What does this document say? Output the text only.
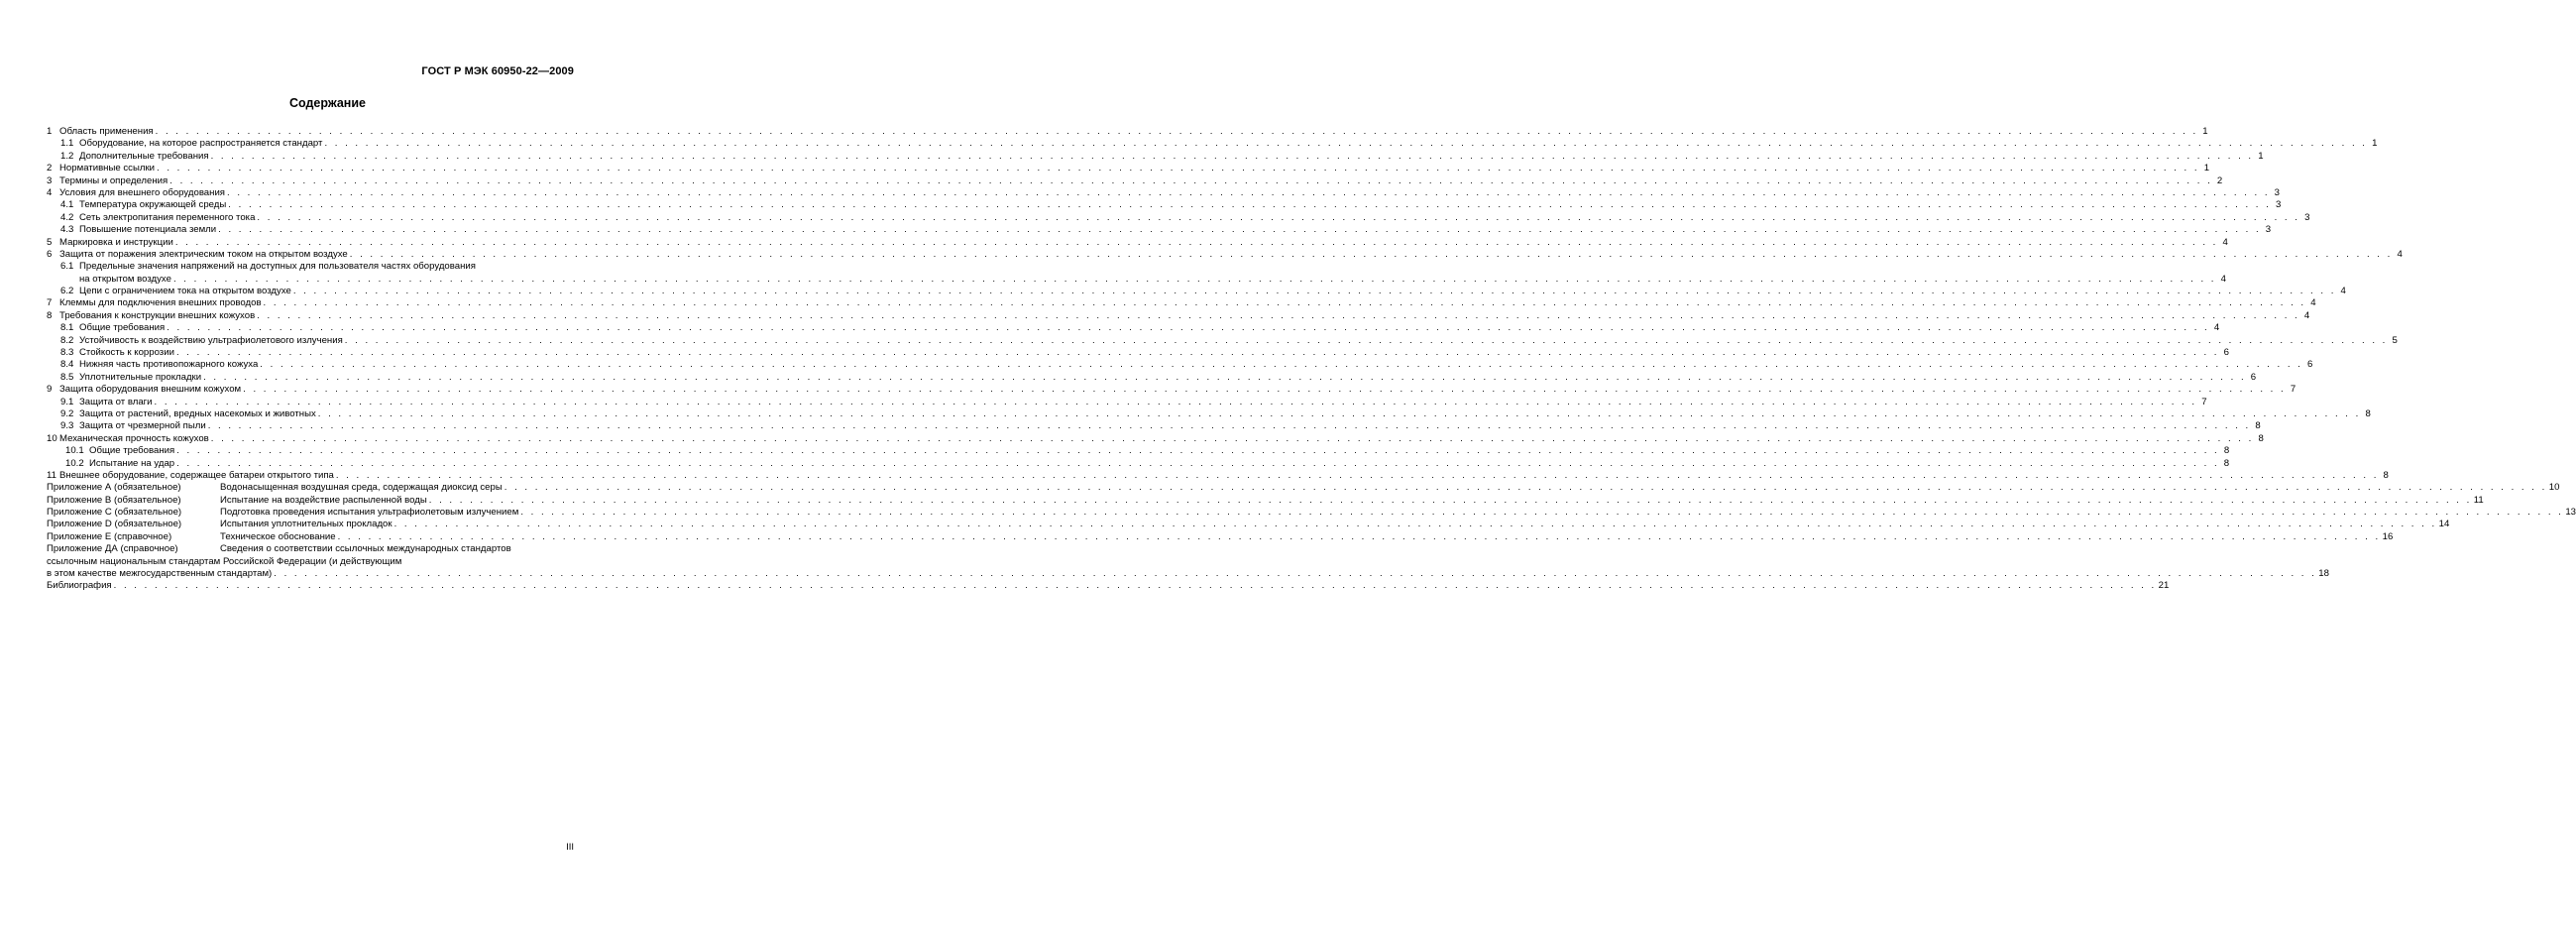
ГОСТ Р МЭК 60950-22—2009
Содержание
1 Область применения . . . . . . . . . . . . . . . . . . . . . . . . . . . . . . . . . . . . . . . . . . . . . . . . . . . . . . . . . . . . . . . . . . . . . . . . . . . . . . . . . . . . . . . . . . . . . . . . . . . . . . . . . . . . . . . . . . . . . . . . . . . . . . . . . . . . . . . . . . . . . . . . . . . . . . . . . . . . . . . . . . . . . . . . . . . . . . . . . . . . . . . . . . . . . . . . . . . . . . . . 1
1.1 Оборудование, на которое распространяется стандарт . . . . . . . . . . . . . . . . . . . . . . . . . . . . . . . . . . . . . . . . . . . . . . . . . . . . . . . . . . . . . . . . . . . . . . . . . . . . . . . . . . . . . . . . . . . . . . . . . . . . . . . . . . . . . . . . . . . . . . . . . . . . . . . . . . . . . . . . . . . . . . . . . . . . . . . . . . . . . . . . . . . . . . . . . . . . . . . . . . . . . . . . . . . . . . . . . . . . . . . . 1
1.2 Дополнительные требования . . . . . . . . . . . . . . . . . . . . . . . . . . . . . . . . . . . . . . . . . . . . . . . . . . . . . . . . . . . . . . . . . . . . . . . . . . . . . . . . . . . . . . . . . . . . . . . . . . . . . . . . . . . . . . . . . . . . . . . . . . . . . . . . . . . . . . . . . . . . . . . . . . . . . . . . . . . . . . . . . . . . . . . . . . . . . . . . . . . . . . . . . . . . . . . . . . . . . . . . 1
2 Нормативные ссылки . . . . . . . . . . . . . . . . . . . . . . . . . . . . . . . . . . . . . . . . . . . . . . . . . . . . . . . . . . . . . . . . . . . . . . . . . . . . . . . . . . . . . . . . . . . . . . . . . . . . . . . . . . . . . . . . . . . . . . . . . . . . . . . . . . . . . . . . . . . . . . . . . . . . . . . . . . . . . . . . . . . . . . . . . . . . . . . . . . . . . . . . . . . . . . . . . . . . . . . . 1
3 Термины и определения . . . . . . . . . . . . . . . . . . . . . . . . . . . . . . . . . . . . . . . . . . . . . . . . . . . . . . . . . . . . . . . . . . . . . . . . . . . . . . . . . . . . . . . . . . . . . . . . . . . . . . . . . . . . . . . . . . . . . . . . . . . . . . . . . . . . . . . . . . . . . . . . . . . . . . . . . . . . . . . . . . . . . . . . . . . . . . . . . . . . . . . . . . . . . . . . . . . . . . . . 2
4 Условия для внешнего оборудования . . . . . . . . . . . . . . . . . . . . . . . . . . . . . . . . . . . . . . . . . . . . . . . . . . . . . . . . . . . . . . . . . . . . . . . . . . . . . . . . . . . . . . . . . . . . . . . . . . . . . . . . . . . . . . . . . . . . . . . . . . . . . . . . . . . . . . . . . . . . . . . . . . . . . . . . . . . . . . . . . . . . . . . . . . . . . . . . . . . . . . . . . . . . . . . . . . . . . . . . 3
4.1 Температура окружающей среды . . . . . . . . . . . . . . . . . . . . . . . . . . . . . . . . . . . . . . . . . . . . . . . . . . . . . . . . . . . . . . . . . . . . . . . . . . . . . . . . . . . . . . . . . . . . . . . . . . . . . . . . . . . . . . . . . . . . . . . . . . . . . . . . . . . . . . . . . . . . . . . . . . . . . . . . . . . . . . . . . . . . . . . . . . . . . . . . . . . . . . . . . . . . . . . . . . . . . . . . 3
4.2 Сеть электропитания переменного тока . . . . . . . . . . . . . . . . . . . . . . . . . . . . . . . . . . . . . . . . . . . . . . . . . . . . . . . . . . . . . . . . . . . . . . . . . . . . . . . . . . . . . . . . . . . . . . . . . . . . . . . . . . . . . . . . . . . . . . . . . . . . . . . . . . . . . . . . . . . . . . . . . . . . . . . . . . . . . . . . . . . . . . . . . . . . . . . . . . . . . . . . . . . . . . . . . . . . . . . . 3
4.3 Повышение потенциала земли . . . . . . . . . . . . . . . . . . . . . . . . . . . . . . . . . . . . . . . . . . . . . . . . . . . . . . . . . . . . . . . . . . . . . . . . . . . . . . . . . . . . . . . . . . . . . . . . . . . . . . . . . . . . . . . . . . . . . . . . . . . . . . . . . . . . . . . . . . . . . . . . . . . . . . . . . . . . . . . . . . . . . . . . . . . . . . . . . . . . . . . . . . . . . . . . . . . . . . . . 3
5 Маркировка и инструкции . . . . . . . . . . . . . . . . . . . . . . . . . . . . . . . . . . . . . . . . . . . . . . . . . . . . . . . . . . . . . . . . . . . . . . . . . . . . . . . . . . . . . . . . . . . . . . . . . . . . . . . . . . . . . . . . . . . . . . . . . . . . . . . . . . . . . . . . . . . . . . . . . . . . . . . . . . . . . . . . . . . . . . . . . . . . . . . . . . . . . . . . . . . . . . . . . . . . . . . . 4
6 Защита от поражения электрическим током на открытом воздухе . . . . . . . . . . . . . . . . . . . . . . . . . . . . . . . . . . . . . . . . . . . . . . . . . . . . . . . . . . . . . . . . . . . . . . . . . . . . . . . . . . . . . . . . . . . . . . . . . . . . . . . . . . . . . . . . . . . . . . . . . . . . . . . . . . . . . . . . . . . . . . . . . . . . . . . . . . . . . . . . . . . . . . . . . . . . . . . . . . . . . . . . . . . . . . . . . . . . . . . . 4
6.1 Предельные значения напряжений на доступных для пользователя частях оборудования
на открытом воздухе . . . . . . . . . . . . . . . . . . . . . . . . . . . . . . . . . . . . . . . . . . . . . . . . . . . . . . . . . . . . . . . . . . . . . . . . . . . . . . . . . . . . . . . . . . . . . . . . . . . . . . . . . . . . . . . . . . . . . . . . . . . . . . . . . . . . . . . . . . . . . . . . . . . . . . . . . . . . . . . . . . . . . . . . . . . . . . . . . . . . . . . . . . . . . . . . . . . . . . . . 4
6.2 Цепи с ограничением тока на открытом воздухе . . . . . . . . . . . . . . . . . . . . . . . . . . . . . . . . . . . . . . . . . . . . . . . . . . . . . . . . . . . . . . . . . . . . . . . . . . . . . . . . . . . . . . . . . . . . . . . . . . . . . . . . . . . . . . . . . . . . . . . . . . . . . . . . . . . . . . . . . . . . . . . . . . . . . . . . . . . . . . . . . . . . . . . . . . . . . . . . . . . . . . . . . . . . . . . . . . . . . . . . 4
7 Клеммы для подключения внешних проводов . . . . . . . . . . . . . . . . . . . . . . . . . . . . . . . . . . . . . . . . . . . . . . . . . . . . . . . . . . . . . . . . . . . . . . . . . . . . . . . . . . . . . . . . . . . . . . . . . . . . . . . . . . . . . . . . . . . . . . . . . . . . . . . . . . . . . . . . . . . . . . . . . . . . . . . . . . . . . . . . . . . . . . . . . . . . . . . . . . . . . . . . . . . . . . . . . . . . . . . . 4
8 Требования к конструкции внешних кожухов . . . . . . . . . . . . . . . . . . . . . . . . . . . . . . . . . . . . . . . . . . . . . . . . . . . . . . . . . . . . . . . . . . . . . . . . . . . . . . . . . . . . . . . . . . . . . . . . . . . . . . . . . . . . . . . . . . . . . . . . . . . . . . . . . . . . . . . . . . . . . . . . . . . . . . . . . . . . . . . . . . . . . . . . . . . . . . . . . . . . . . . . . . . . . . . . . . . . . . . . 4
8.1 Общие требования . . . . . . . . . . . . . . . . . . . . . . . . . . . . . . . . . . . . . . . . . . . . . . . . . . . . . . . . . . . . . . . . . . . . . . . . . . . . . . . . . . . . . . . . . . . . . . . . . . . . . . . . . . . . . . . . . . . . . . . . . . . . . . . . . . . . . . . . . . . . . . . . . . . . . . . . . . . . . . . . . . . . . . . . . . . . . . . . . . . . . . . . . . . . . . . . . . . . . . . . 4
8.2 Устойчивость к воздействию ультрафиолетового излучения . . . . . . . . . . . . . . . . . . . . . . . . . . . . . . . . . . . . . . . . . . . . . . . . . . . . . . . . . . . . . . . . . . . . . . . . . . . . . . . . . . . . . . . . . . . . . . . . . . . . . . . . . . . . . . . . . . . . . . . . . . . . . . . . . . . . . . . . . . . . . . . . . . . . . . . . . . . . . . . . . . . . . . . . . . . . . . . . . . . . . . . . . . . . . . . . . . . . . . . . 5
8.3 Стойкость к коррозии . . . . . . . . . . . . . . . . . . . . . . . . . . . . . . . . . . . . . . . . . . . . . . . . . . . . . . . . . . . . . . . . . . . . . . . . . . . . . . . . . . . . . . . . . . . . . . . . . . . . . . . . . . . . . . . . . . . . . . . . . . . . . . . . . . . . . . . . . . . . . . . . . . . . . . . . . . . . . . . . . . . . . . . . . . . . . . . . . . . . . . . . . . . . . . . . . . . . . . . . 6
8.4 Нижняя часть противопожарного кожуха . . . . . . . . . . . . . . . . . . . . . . . . . . . . . . . . . . . . . . . . . . . . . . . . . . . . . . . . . . . . . . . . . . . . . . . . . . . . . . . . . . . . . . . . . . . . . . . . . . . . . . . . . . . . . . . . . . . . . . . . . . . . . . . . . . . . . . . . . . . . . . . . . . . . . . . . . . . . . . . . . . . . . . . . . . . . . . . . . . . . . . . . . . . . . . . . . . . . . . . . 6
8.5 Уплотнительные прокладки . . . . . . . . . . . . . . . . . . . . . . . . . . . . . . . . . . . . . . . . . . . . . . . . . . . . . . . . . . . . . . . . . . . . . . . . . . . . . . . . . . . . . . . . . . . . . . . . . . . . . . . . . . . . . . . . . . . . . . . . . . . . . . . . . . . . . . . . . . . . . . . . . . . . . . . . . . . . . . . . . . . . . . . . . . . . . . . . . . . . . . . . . . . . . . . . . . . . . . . . 6
9 Защита оборудования внешним кожухом . . . . . . . . . . . . . . . . . . . . . . . . . . . . . . . . . . . . . . . . . . . . . . . . . . . . . . . . . . . . . . . . . . . . . . . . . . . . . . . . . . . . . . . . . . . . . . . . . . . . . . . . . . . . . . . . . . . . . . . . . . . . . . . . . . . . . . . . . . . . . . . . . . . . . . . . . . . . . . . . . . . . . . . . . . . . . . . . . . . . . . . . . . . . . . . . . . . . . . . . 7
9.1 Защита от влаги . . . . . . . . . . . . . . . . . . . . . . . . . . . . . . . . . . . . . . . . . . . . . . . . . . . . . . . . . . . . . . . . . . . . . . . . . . . . . . . . . . . . . . . . . . . . . . . . . . . . . . . . . . . . . . . . . . . . . . . . . . . . . . . . . . . . . . . . . . . . . . . . . . . . . . . . . . . . . . . . . . . . . . . . . . . . . . . . . . . . . . . . . . . . . . . . . . . . . . . . 7
9.2 Защита от растений, вредных насекомых и животных . . . . . . . . . . . . . . . . . . . . . . . . . . . . . . . . . . . . . . . . . . . . . . . . . . . . . . . . . . . . . . . . . . . . . . . . . . . . . . . . . . . . . . . . . . . . . . . . . . . . . . . . . . . . . . . . . . . . . . . . . . . . . . . . . . . . . . . . . . . . . . . . . . . . . . . . . . . . . . . . . . . . . . . . . . . . . . . . . . . . . . . . . . . . . . . . . . . . . . . . 8
9.3 Защита от чрезмерной пыли . . . . . . . . . . . . . . . . . . . . . . . . . . . . . . . . . . . . . . . . . . . . . . . . . . . . . . . . . . . . . . . . . . . . . . . . . . . . . . . . . . . . . . . . . . . . . . . . . . . . . . . . . . . . . . . . . . . . . . . . . . . . . . . . . . . . . . . . . . . . . . . . . . . . . . . . . . . . . . . . . . . . . . . . . . . . . . . . . . . . . . . . . . . . . . . . . . . . . . . . 8
10 Механическая прочность кожухов . . . . . . . . . . . . . . . . . . . . . . . . . . . . . . . . . . . . . . . . . . . . . . . . . . . . . . . . . . . . . . . . . . . . . . . . . . . . . . . . . . . . . . . . . . . . . . . . . . . . . . . . . . . . . . . . . . . . . . . . . . . . . . . . . . . . . . . . . . . . . . . . . . . . . . . . . . . . . . . . . . . . . . . . . . . . . . . . . . . . . . . . . . . . . . . . . . . . . . . . 8
10.1 Общие требования . . . . . . . . . . . . . . . . . . . . . . . . . . . . . . . . . . . . . . . . . . . . . . . . . . . . . . . . . . . . . . . . . . . . . . . . . . . . . . . . . . . . . . . . . . . . . . . . . . . . . . . . . . . . . . . . . . . . . . . . . . . . . . . . . . . . . . . . . . . . . . . . . . . . . . . . . . . . . . . . . . . . . . . . . . . . . . . . . . . . . . . . . . . . . . . . . . . . . . . . 8
10.2 Испытание на удар . . . . . . . . . . . . . . . . . . . . . . . . . . . . . . . . . . . . . . . . . . . . . . . . . . . . . . . . . . . . . . . . . . . . . . . . . . . . . . . . . . . . . . . . . . . . . . . . . . . . . . . . . . . . . . . . . . . . . . . . . . . . . . . . . . . . . . . . . . . . . . . . . . . . . . . . . . . . . . . . . . . . . . . . . . . . . . . . . . . . . . . . . . . . . . . . . . . . . . . . 8
11 Внешнее оборудование, содержащее батареи открытого типа . . . . . . . . . . . . . . . . . . . . . . . . . . . . . . . . . . . . . . . . . . . . . . . . . . . . . . . . . . . . . . . . . . . . . . . . . . . . . . . . . . . . . . . . . . . . . . . . . . . . . . . . . . . . . . . . . . . . . . . . . . . . . . . . . . . . . . . . . . . . . . . . . . . . . . . . . . . . . . . . . . . . . . . . . . . . . . . . . . . . . . . . . . . . . . . . . . . . . . . . 8
Приложение А (обязательное)	Водонасыщенная воздушная среда, содержащая диоксид серы . . . . . . . . . . . . . . . . . . . . . . . . . . . . . . . . . . . . . . . . . . . . . . . . . . . . . . . . . . . . . . . . . . . . . . . . . . . . . . . . . . . . . . . . . . . . . . . . . . . . . . . . . . . . . . . . . . . . . . . . . . . . . . . . . . . . . . . . . . . . . . . . . . . . . . . . . . . . . . . . . . . . . . . . . . . . . . . . . . . . . . . . . . . . . . . . . . . . . . . . 10
Приложение В (обязательное)	Испытание на воздействие распыленной воды . . . . . . . . . . . . . . . . . . . . . . . . . . . . . . . . . . . . . . . . . . . . . . . . . . . . . . . . . . . . . . . . . . . . . . . . . . . . . . . . . . . . . . . . . . . . . . . . . . . . . . . . . . . . . . . . . . . . . . . . . . . . . . . . . . . . . . . . . . . . . . . . . . . . . . . . . . . . . . . . . . . . . . . . . . . . . . . . . . . . . . . . . . . . . . . . . . . . . . . . 11
Приложение С (обязательное)	Подготовка проведения испытания ультрафиолетовым излучением . . . . . . . . . . . . . . . . . . . . . . . . . . . . . . . . . . . . . . . . . . . . . . . . . . . . . . . . . . . . . . . . . . . . . . . . . . . . . . . . . . . . . . . . . . . . . . . . . . . . . . . . . . . . . . . . . . . . . . . . . . . . . . . . . . . . . . . . . . . . . . . . . . . . . . . . . . . . . . . . . . . . . . . . . . . . . . . . . . . . . . . . . . . . . . . . . . . . . . . . 13
Приложение D (обязательное)	Испытания уплотнительных прокладок . . . . . . . . . . . . . . . . . . . . . . . . . . . . . . . . . . . . . . . . . . . . . . . . . . . . . . . . . . . . . . . . . . . . . . . . . . . . . . . . . . . . . . . . . . . . . . . . . . . . . . . . . . . . . . . . . . . . . . . . . . . . . . . . . . . . . . . . . . . . . . . . . . . . . . . . . . . . . . . . . . . . . . . . . . . . . . . . . . . . . . . . . . . . . . . . . . . . . . . . 14
Приложение Е (справочное)	Техническое обоснование . . . . . . . . . . . . . . . . . . . . . . . . . . . . . . . . . . . . . . . . . . . . . . . . . . . . . . . . . . . . . . . . . . . . . . . . . . . . . . . . . . . . . . . . . . . . . . . . . . . . . . . . . . . . . . . . . . . . . . . . . . . . . . . . . . . . . . . . . . . . . . . . . . . . . . . . . . . . . . . . . . . . . . . . . . . . . . . . . . . . . . . . . . . . . . . . . . . . . . . . 16
Приложение ДА (справочное)	Сведения о соответствии ссылочных международных стандартов
ссылочным национальным стандартам Российской Федерации (и действующим
в этом качестве межгосударственным стандартам) . . . . . . . . . . . . . . . . . . . . . . . . . . . . . . . . . . . . . . . . . . . . . . . . . . . . . . . . . . . . . . . . . . . . . . . . . . . . . . . . . . . . . . . . . . . . . . . . . . . . . . . . . . . . . . . . . . . . . . . . . . . . . . . . . . . . . . . . . . . . . . . . . . . . . . . . . . . . . . . . . . . . . . . . . . . . . . . . . . . . . . . . . . . . . . . . . . . . . . . . 18
Библиография . . . . . . . . . . . . . . . . . . . . . . . . . . . . . . . . . . . . . . . . . . . . . . . . . . . . . . . . . . . . . . . . . . . . . . . . . . . . . . . . . . . . . . . . . . . . . . . . . . . . . . . . . . . . . . . . . . . . . . . . . . . . . . . . . . . . . . . . . . . . . . . . . . . . . . . . . . . . . . . . . . . . . . . . . . . . . . . . . . . . . . . . . . . . . . . . . . . . . . . . 21
III
